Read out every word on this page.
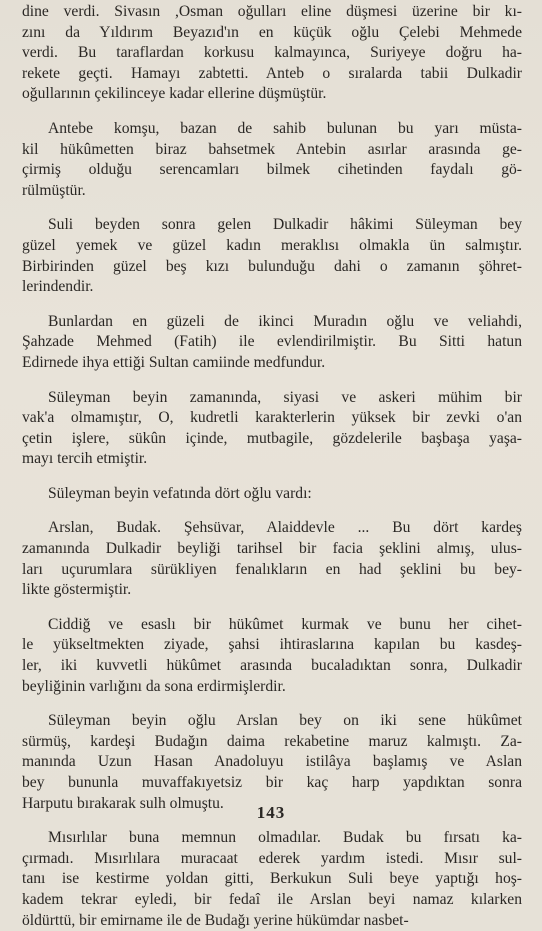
dine verdi. Sivasın ,Osman oğulları eline düşmesi üzerine bir kı-
zını da Yıldırım Beyazıd'ın en küçük oğlu Çelebi Mehmede
verdi. Bu taraflardan korkusu kalmayınca, Suriyeye doğru ha-
rekete geçti. Hamayı zabtetti. Anteb o sıralarda tabii Dulkadir
oğullarının çekilinceye kadar ellerine düşmüştür.

Antebe komşu, bazan de sahib bulunan bu yarı müsta-
kil hükûmetten biraz bahsetmek Antebin asırlar arasında ge-
çirmiş olduğu serencamları bilmek cihetinden faydalı gö-
rülmüştür.

Suli beyden sonra gelen Dulkadir hâkimi Süleyman bey
güzel yemek ve güzel kadın meraklısı olmakla ün salmıştır.
Birbirinden güzel beş kızı bulunduğu dahi o zamanın şöhret-
lerindendir.

Bunlardan en güzeli de ikinci Muradın oğlu ve veliahdi,
Şahzade Mehmed (Fatih) ile evlendirilmiştir. Bu Sitti hatun
Edirnede ihya ettiği Sultan camiinde medfundur.

Süleyman beyin zamanında, siyasi ve askeri mühim bir
vak'a olmamıştır, O, kudretli karakterlerin yüksek bir zevki o'an
çetin işlere, sükûn içinde, mutbagile, gözdelerile başbaşa yaşa-
mayı tercih etmiştir.

Süleyman beyin vefatında dört oğlu vardı:

Arslan, Budak. Şehsüvar, Alaiddevle ... Bu dört kardeş
zamanında Dulkadir beyliği tarihsel bir facia şeklini almış, ulus-
ları uçurumlara sürükliyen fenalıkların en had şeklini bu bey-
likte göstermiştir.

Ciddiğ ve esaslı bir hükûmet kurmak ve bunu her cihet-
le yükseltmekten ziyade, şahsi ihtiraslarına kapılan bu kasdeş-
ler, iki kuvvetli hükûmet arasında bucaladıktan sonra, Dulkadir
beyliğinin varlığını da sona erdirmişlerdir.

Süleyman beyin oğlu Arslan bey on iki sene hükûmet
sürmüş, kardeşi Budağın daima rekabetine maruz kalmıştı. Za-
manında Uzun Hasan Anadoluyu istilâya başlamış ve Aslan
bey bununla muvaffakıyetsiz bir kaç harp yapdıktan sonra
Harputu bırakarak sulh olmuştu.

Mısırlılar buna memnun olmadılar. Budak bu fırsatı ka-
çırmadı. Mısırlılara muracaat ederek yardım istedi. Mısır sul-
tanı ise kestirme yoldan gitti, Berkukun Suli beye yaptığı hoş-
kadem tekrar eyledi, bir fedaî ile Arslan beyi namaz kılarken
öldürttü, bir emirname ile de Budağı yerine hükümdar nasbet-

143
